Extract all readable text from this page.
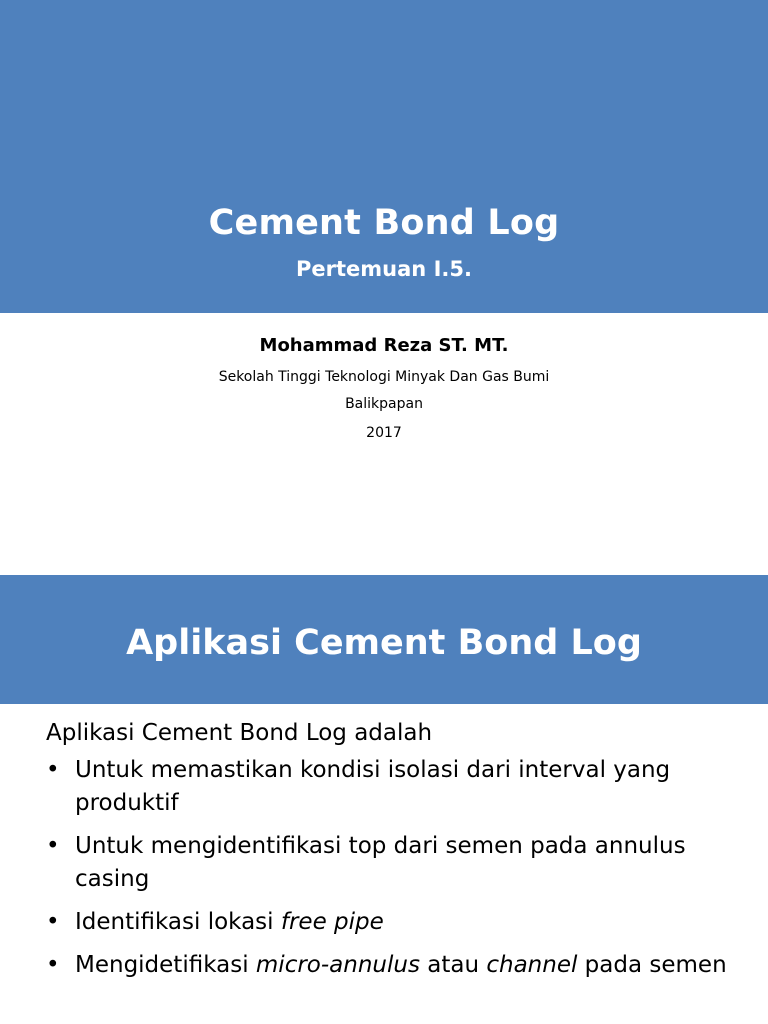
Cement Bond Log
Pertemuan I.5.
Mohammad Reza ST. MT.
Sekolah Tinggi Teknologi Minyak Dan Gas Bumi
Balikpapan
2017
Aplikasi Cement Bond Log

Aplikasi Cement Bond Log adalah

• Untuk memastikan kondisi isolasi dari interval yang produktif
• Untuk mengidentifikasi top dari semen pada annulus casing
• Identifikasi lokasi free pipe
• Mengidetifikasi micro-annulus atau channel pada semen
